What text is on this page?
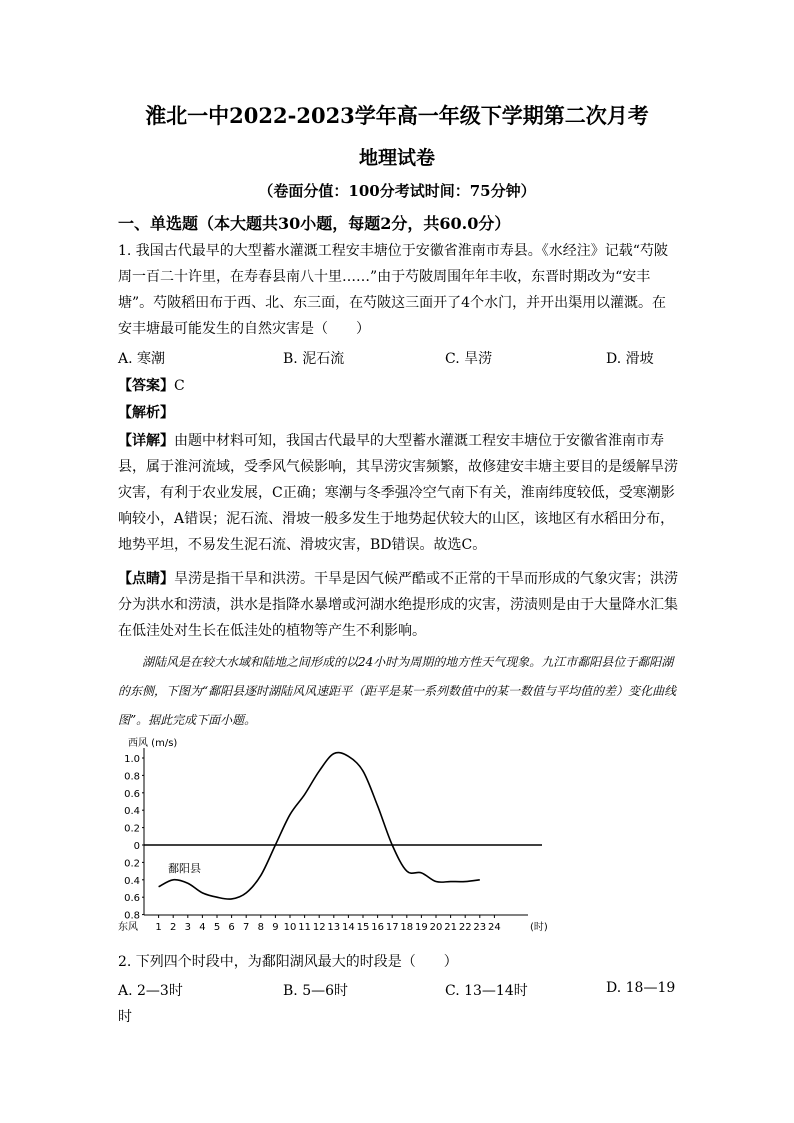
淮北一中2022-2023学年高一年级下学期第二次月考
地理试卷
（卷面分值：100分考试时间：75分钟）
一、单选题（本大题共30小题，每题2分，共60.0分）
1. 我国古代最早的大型蓄水灌溉工程安丰塘位于安徽省淮南市寿县。《水经注》记载“芍陂周一百二十许里，在寿春县南八十里……”由于芍陂周围年年丰收，东晋时期改为“安丰塘”。芍陂稻田布于西、北、东三面，在芍陂这三面开了4个水门，并开出渠用以灌溉。在安丰塘最可能发生的自然灾害是（　　）
A. 寒潮	B. 泥石流	C. 旱涝	D. 滑坡
【答案】C
【解析】
【详解】由题中材料可知，我国古代最早的大型蓄水灌溉工程安丰塘位于安徽省淮南市寿县，属于淮河流域，受季风气候影响，其旱涝灾害频繁，故修建安丰塘主要目的是缓解旱涝灾害，有利于农业发展，C正确；寒潮与冬季强冷空气南下有关，淮南纬度较低，受寒潮影响较小，A错误；泥石流、滑坡一般多发生于地势起伏较大的山区，该地区有水稻田分布，地势平坦，不易发生泥石流、滑坡灾害，BD错误。故选C。
【点睛】旱涝是指干旱和洪涝。干旱是因气候严酷或不正常的干旱而形成的气象灾害；洪涝分为洪水和涝渍，洪水是指降水暴增或河湖水绝提形成的灾害，涝渍则是由于大量降水汇集在低洼处对生长在低洼处的植物等产生不利影响。
湖陆风是在较大水域和陆地之间形成的以24小时为周期的地方性天气现象。九江市鄱阳县位于鄱阳湖的东侧，下图为“鄱阳县逐时湖陆风风速距平（距平是某一系列数值中的某一数值与平均值的差）变化曲线图”。据此完成下面小题。
西风 (m/s)
1.0
0.8
0.6
0.4
0.2
0
0.2
0.4
0.6
0.8
1 2 3 4 5 6 7 8 9 10 11 12 13 14 15 16 17 18 19 20 21 22 23 24
东风	(时)
鄱阳县
2. 下列四个时段中，为鄱阳湖风最大的时段是（　　）
A. 2—3时	B. 5—6时	C. 13—14时	D. 18—19
时
